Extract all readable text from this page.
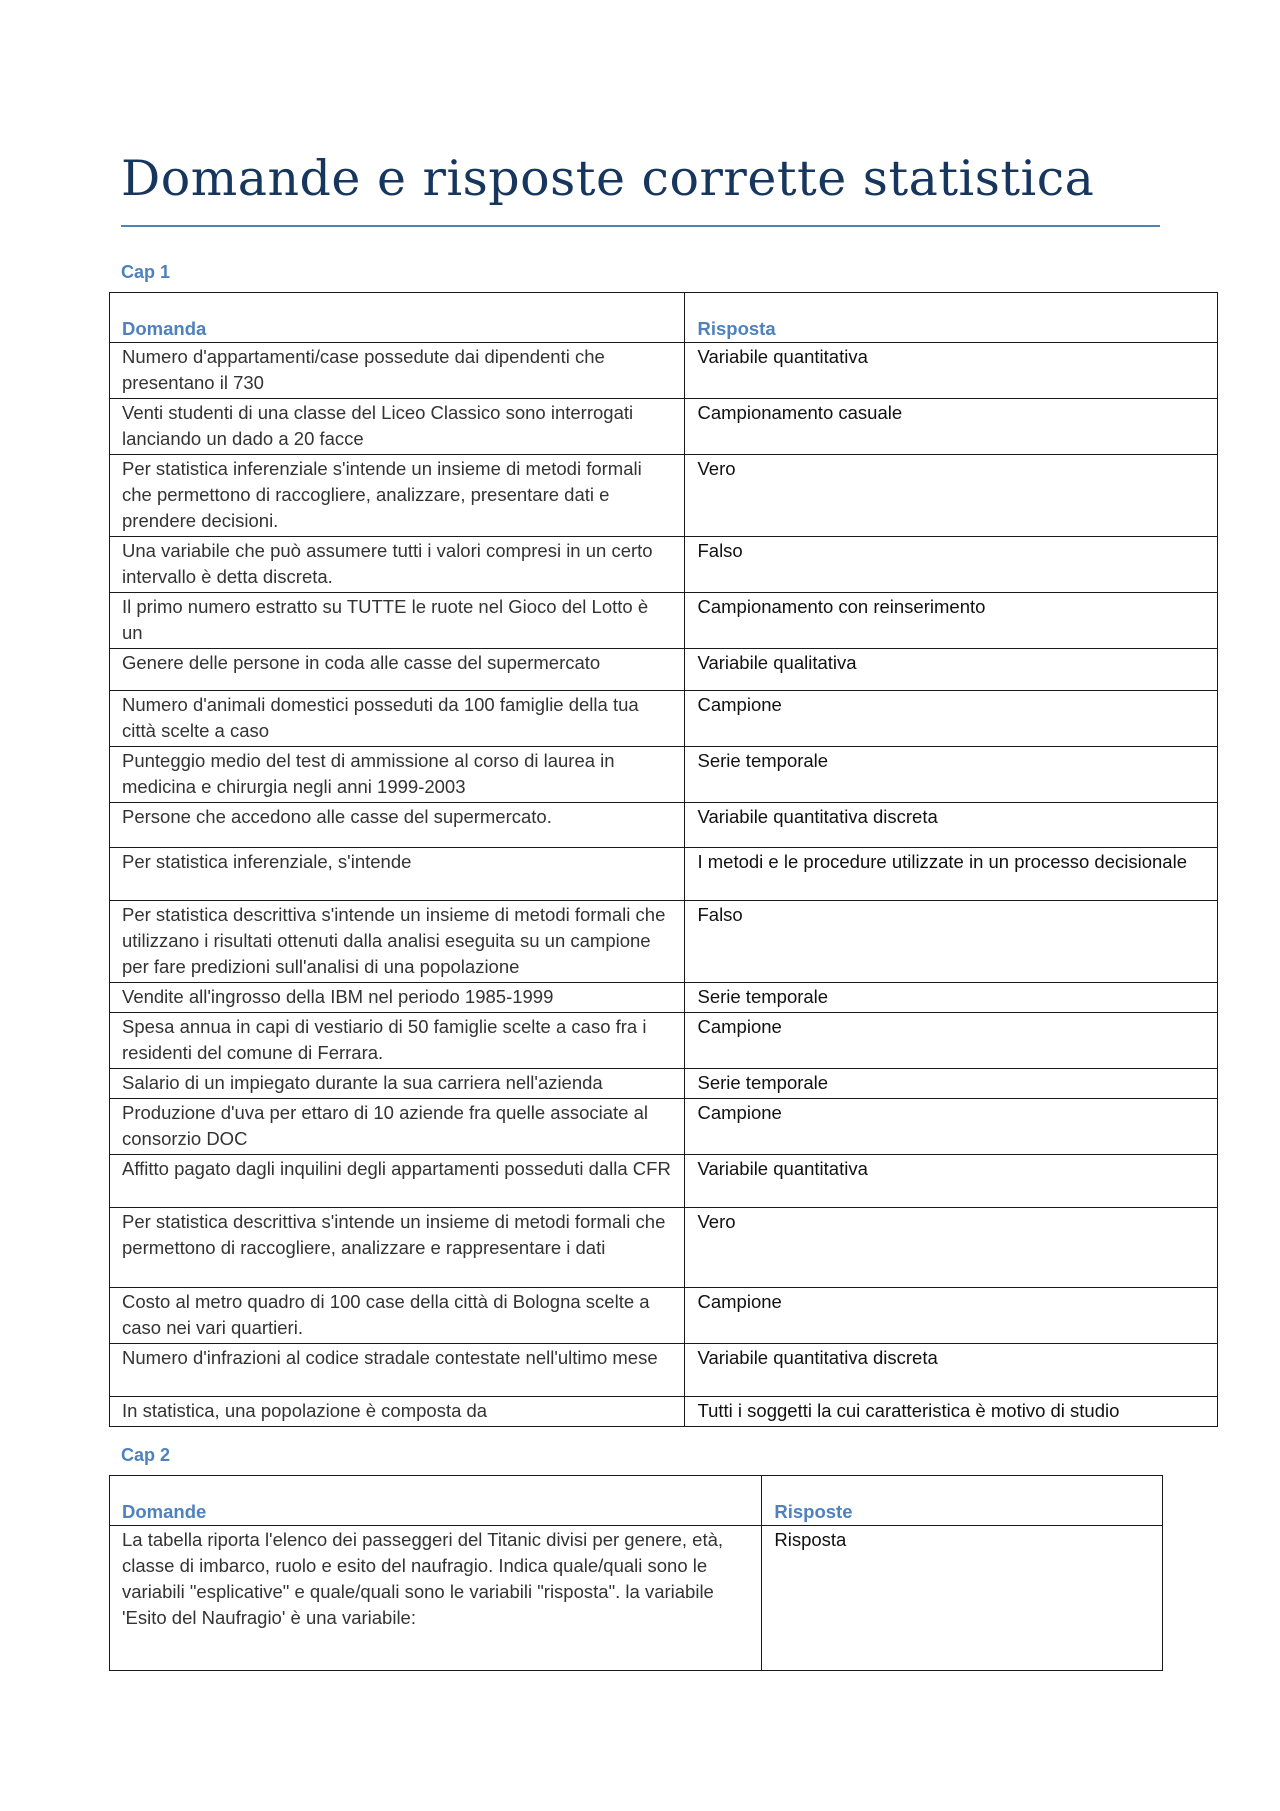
Domande e risposte corrette statistica

Cap 1

Domanda	Risposta
Numero d'appartamenti/case possedute dai dipendenti che presentano il 730	Variabile quantitativa
Venti studenti di una classe del Liceo Classico sono interrogati lanciando un dado a 20 facce	Campionamento casuale
Per statistica inferenziale s'intende un insieme di metodi formali che permettono di raccogliere, analizzare, presentare dati e prendere decisioni.	Vero
Una variabile che può assumere tutti i valori compresi in un certo intervallo è detta discreta.	Falso
Il primo numero estratto su TUTTE le ruote nel Gioco del Lotto è un	Campionamento con reinserimento
Genere delle persone in coda alle casse del supermercato	Variabile qualitativa
Numero d'animali domestici posseduti da 100 famiglie della tua città scelte a caso	Campione
Punteggio medio del test di ammissione al corso di laurea in medicina e chirurgia negli anni 1999-2003	Serie temporale
Persone che accedono alle casse del supermercato.	Variabile quantitativa discreta
Per statistica inferenziale, s'intende	I metodi e le procedure utilizzate in un processo decisionale
Per statistica descrittiva s'intende un insieme di metodi formali che utilizzano i risultati ottenuti dalla analisi eseguita su un campione per fare predizioni sull'analisi di una popolazione	Falso
Vendite all'ingrosso della IBM nel periodo 1985-1999	Serie temporale
Spesa annua in capi di vestiario di 50 famiglie scelte a caso fra i residenti del comune di Ferrara.	Campione
Salario di un impiegato durante la sua carriera nell'azienda	Serie temporale
Produzione d'uva per ettaro di 10 aziende fra quelle associate al consorzio DOC	Campione
Affitto pagato dagli inquilini degli appartamenti posseduti dalla CFR	Variabile quantitativa
Per statistica descrittiva s'intende un insieme di metodi formali che permettono di raccogliere, analizzare e rappresentare i dati	Vero
Costo al metro quadro di 100 case della città di Bologna scelte a caso nei vari quartieri.	Campione
Numero d'infrazioni al codice stradale contestate nell'ultimo mese	Variabile quantitativa discreta
In statistica, una popolazione è composta da	Tutti i soggetti la cui caratteristica è motivo di studio

Cap 2

Domande	Risposte
La tabella riporta l'elenco dei passeggeri del Titanic divisi per genere, età, classe di imbarco, ruolo e esito del naufragio. Indica quale/quali sono le variabili "esplicative" e quale/quali sono le variabili "risposta". la variabile 'Esito del Naufragio' è una variabile:	Risposta
